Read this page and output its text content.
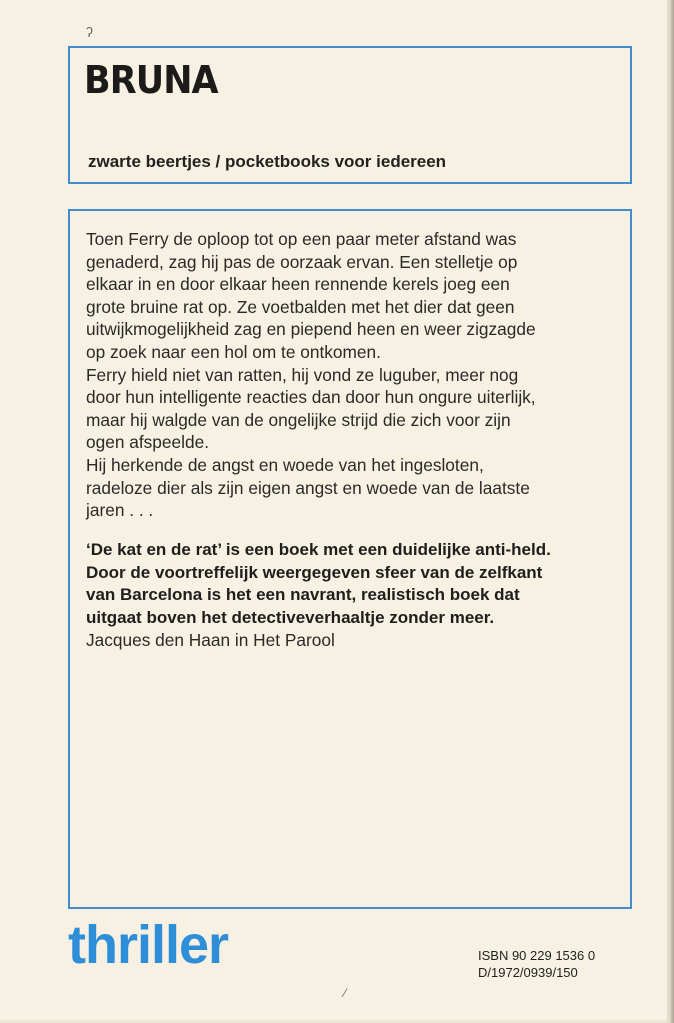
BRUNA
zwarte beertjes / pocketbooks voor iedereen
Toen Ferry de oploop tot op een paar meter afstand was
genaderd, zag hij pas de oorzaak ervan. Een stelletje op
elkaar in en door elkaar heen rennende kerels joeg een
grote bruine rat op. Ze voetbalden met het dier dat geen
uitwijkmogelijkheid zag en piepend heen en weer zigzagde
op zoek naar een hol om te ontkomen.
Ferry hield niet van ratten, hij vond ze luguber, meer nog
door hun intelligente reacties dan door hun ongure uiterlijk,
maar hij walgde van de ongelijke strijd die zich voor zijn
ogen afspeelde.
Hij herkende de angst en woede van het ingesloten,
radeloze dier als zijn eigen angst en woede van de laatste
jaren . . .
‘De kat en de rat’ is een boek met een duidelijke anti-held.
Door de voortreffelijk weergegeven sfeer van de zelfkant
van Barcelona is het een navrant, realistisch boek dat
uitgaat boven het detectiveverhaaltje zonder meer.
Jacques den Haan in Het Parool
thriller	ISBN 90 229 1536 0
D/1972/0939/150
ʔ
⁄
